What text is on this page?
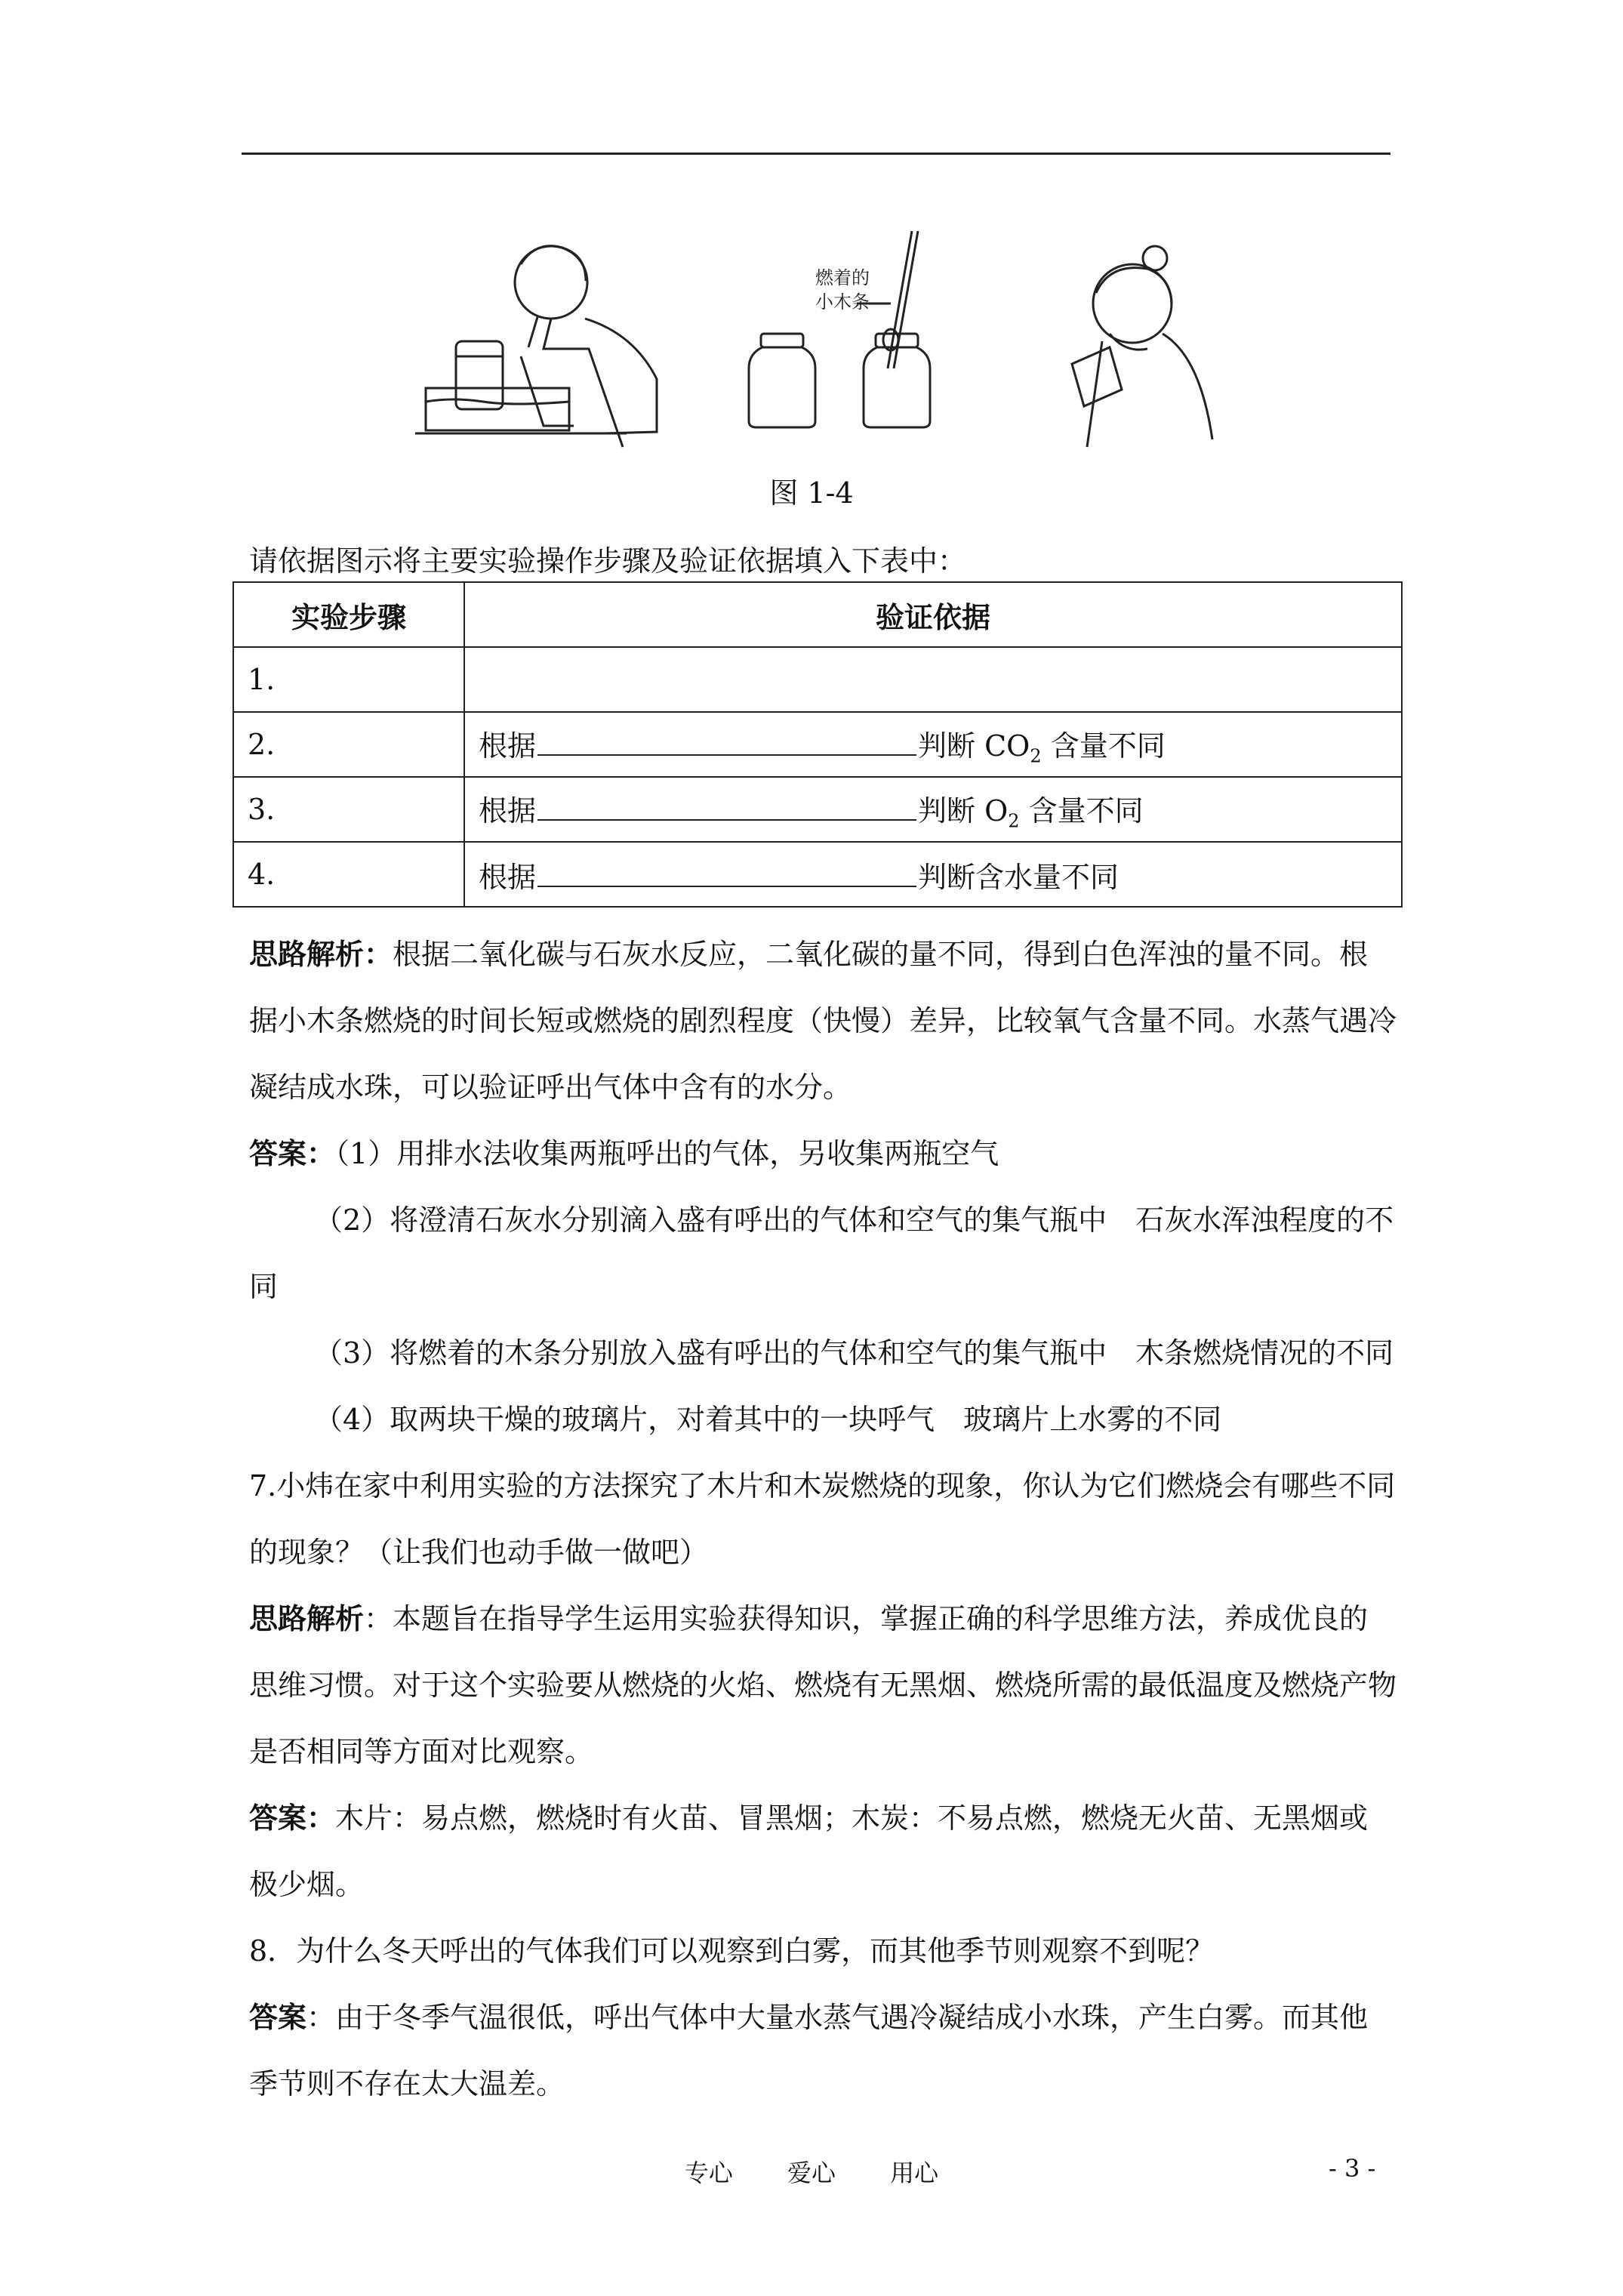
燃着的
小木条
图 1-4
请依据图示将主要实验操作步骤及验证依据填入下表中：
实验步骤	验证依据
1.	
2.	根据 判断 $CO_2$ 含量不同
3.	根据 判断 $O_2$ 含量不同
4.	根据 判断含水量不同

思路解析：根据二氧化碳与石灰水反应，二氧化碳的量不同，得到白色浑浊的量不同。根据小木条燃烧的时间长短或燃烧的剧烈程度（快慢）差异，比较氧气含量不同。水蒸气遇冷凝结成水珠，可以验证呼出气体中含有的水分。

答案：（1）用排水法收集两瓶呼出的气体，另收集两瓶空气

（2）将澄清石灰水分别滴入盛有呼出的气体和空气的集气瓶中　石灰水浑浊程度的不同

（3）将燃着的木条分别放入盛有呼出的气体和空气的集气瓶中　木条燃烧情况的不同

（4）取两块干燥的玻璃片，对着其中的一块呼气　玻璃片上水雾的不同

7.小炜在家中利用实验的方法探究了木片和木炭燃烧的现象，你认为它们燃烧会有哪些不同的现象？（让我们也动手做一做吧）

思路解析：本题旨在指导学生运用实验获得知识，掌握正确的科学思维方法，养成优良的思维习惯。对于这个实验要从燃烧的火焰、燃烧有无黑烟、燃烧所需的最低温度及燃烧产物是否相同等方面对比观察。

答案：木片：易点燃，燃烧时有火苗、冒黑烟；木炭：不易点燃，燃烧无火苗、无黑烟或极少烟。

8．为什么冬天呼出的气体我们可以观察到白雾，而其他季节则观察不到呢？

答案：由于冬季气温很低，呼出气体中大量水蒸气遇冷凝结成小水珠，产生白雾。而其他季节则不存在太大温差。

专心　 爱心　 用心	- 3 -
